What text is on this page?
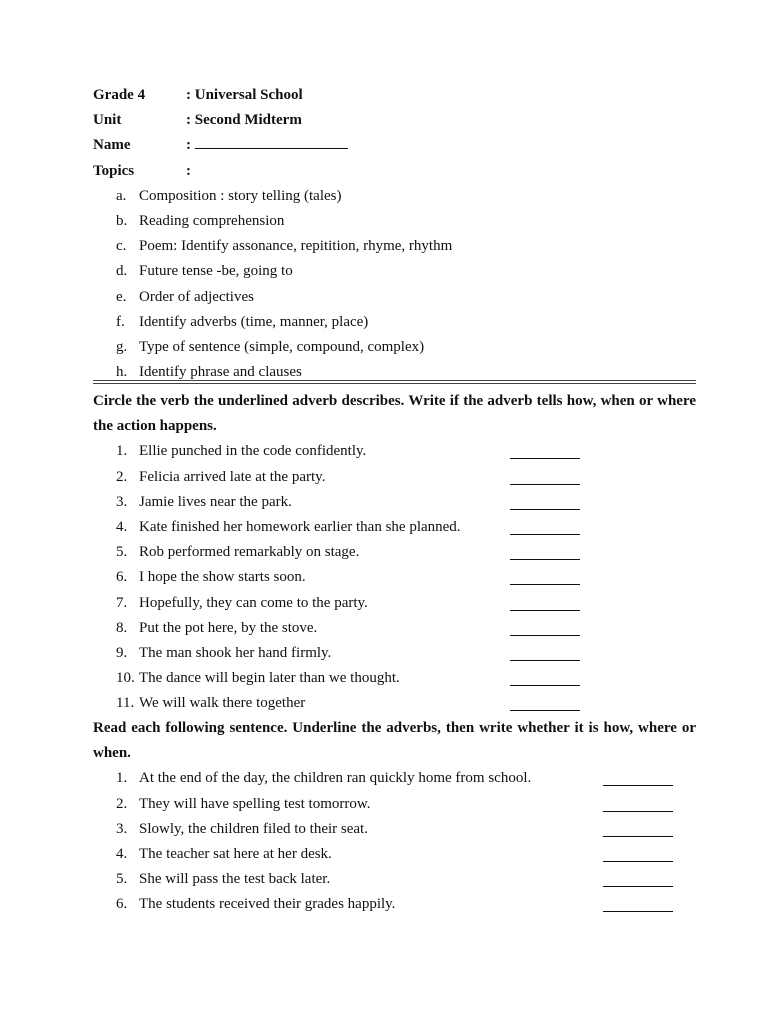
Grade 4	: Universal School
Unit	: Second Midterm
Name	:
Topics	:
a. Composition : story telling (tales)
b. Reading comprehension
c. Poem: Identify assonance, repitition, rhyme, rhythm
d. Future tense -be, going to
e. Order of adjectives
f. Identify adverbs (time, manner, place)
g. Type of sentence (simple, compound, complex)
h. Identify phrase and clauses
Circle the verb the underlined adverb describes. Write if the adverb tells how, when or where the action happens.
1. Ellie punched in the code confidently.
2. Felicia arrived late at the party.
3. Jamie lives near the park.
4. Kate finished her homework earlier than she planned.
5. Rob performed remarkably on stage.
6. I hope the show starts soon.
7. Hopefully, they can come to the party.
8. Put the pot here, by the stove.
9. The man shook her hand firmly.
10. The dance will begin later than we thought.
11. We will walk there together
Read each following sentence. Underline the adverbs, then write whether it is how, where or when.
1. At the end of the day, the children ran quickly home from school.
2. They will have spelling test tomorrow.
3. Slowly, the children filed to their seat.
4. The teacher sat here at her desk.
5. She will pass the test back later.
6. The students received their grades happily.
